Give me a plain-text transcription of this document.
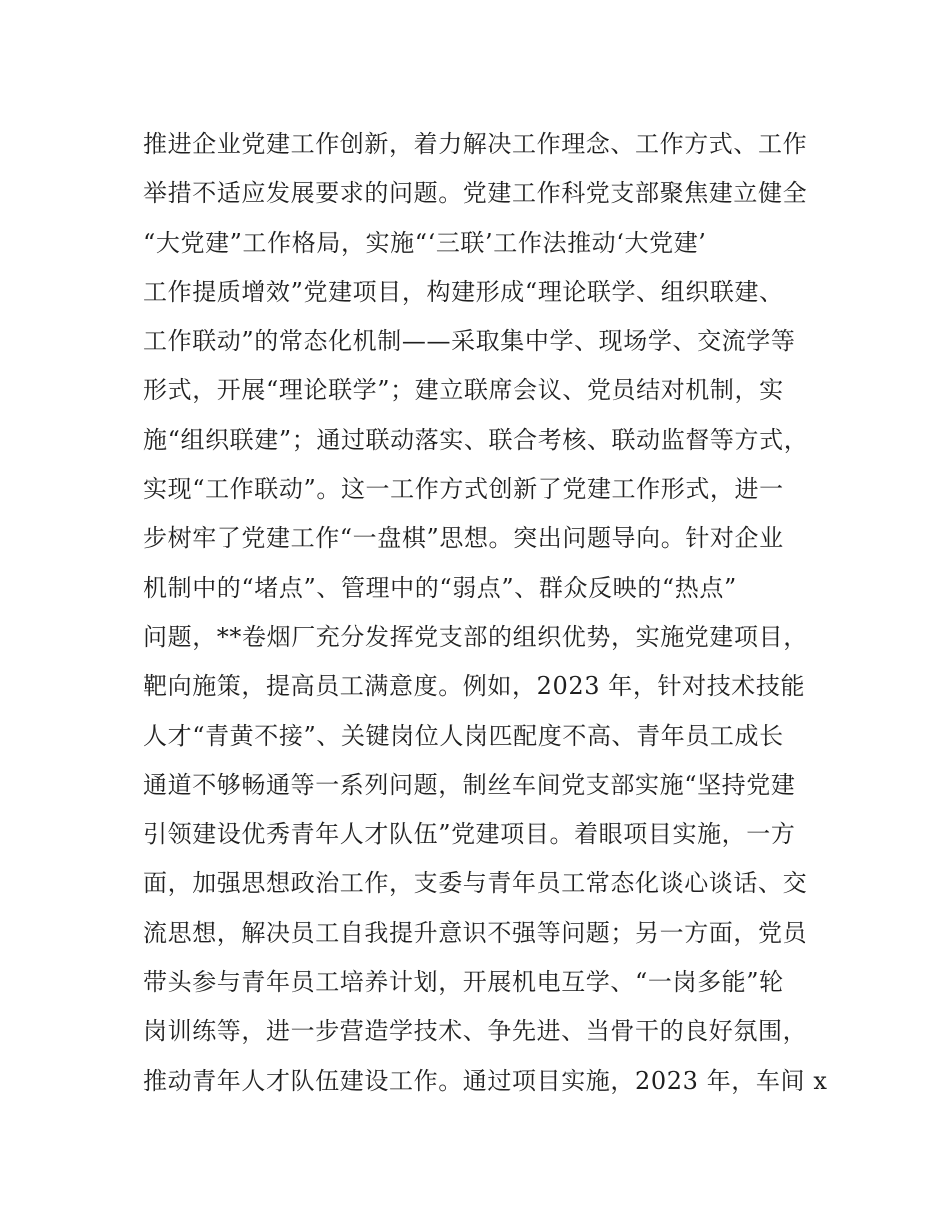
推进企业党建工作创新，着力解决工作理念、工作方式、工作
举措不适应发展要求的问题。党建工作科党支部聚焦建立健全
“大党建”工作格局，实施“‘三联’工作法推动‘大党建’
工作提质增效”党建项目，构建形成“理论联学、组织联建、
工作联动”的常态化机制——采取集中学、现场学、交流学等
形式，开展“理论联学”；建立联席会议、党员结对机制，实
施“组织联建”；通过联动落实、联合考核、联动监督等方式，
实现“工作联动”。这一工作方式创新了党建工作形式，进一
步树牢了党建工作“一盘棋”思想。突出问题导向。针对企业
机制中的“堵点”、管理中的“弱点”、群众反映的“热点”
问题，**卷烟厂充分发挥党支部的组织优势，实施党建项目，
靶向施策，提高员工满意度。例如，2023 年，针对技术技能
人才“青黄不接”、关键岗位人岗匹配度不高、青年员工成长
通道不够畅通等一系列问题，制丝车间党支部实施“坚持党建
引领建设优秀青年人才队伍”党建项目。着眼项目实施，一方
面，加强思想政治工作，支委与青年员工常态化谈心谈话、交
流思想，解决员工自我提升意识不强等问题；另一方面，党员
带头参与青年员工培养计划，开展机电互学、“一岗多能”轮
岗训练等，进一步营造学技术、争先进、当骨干的良好氛围，
推动青年人才队伍建设工作。通过项目实施，2023 年，车间 x
